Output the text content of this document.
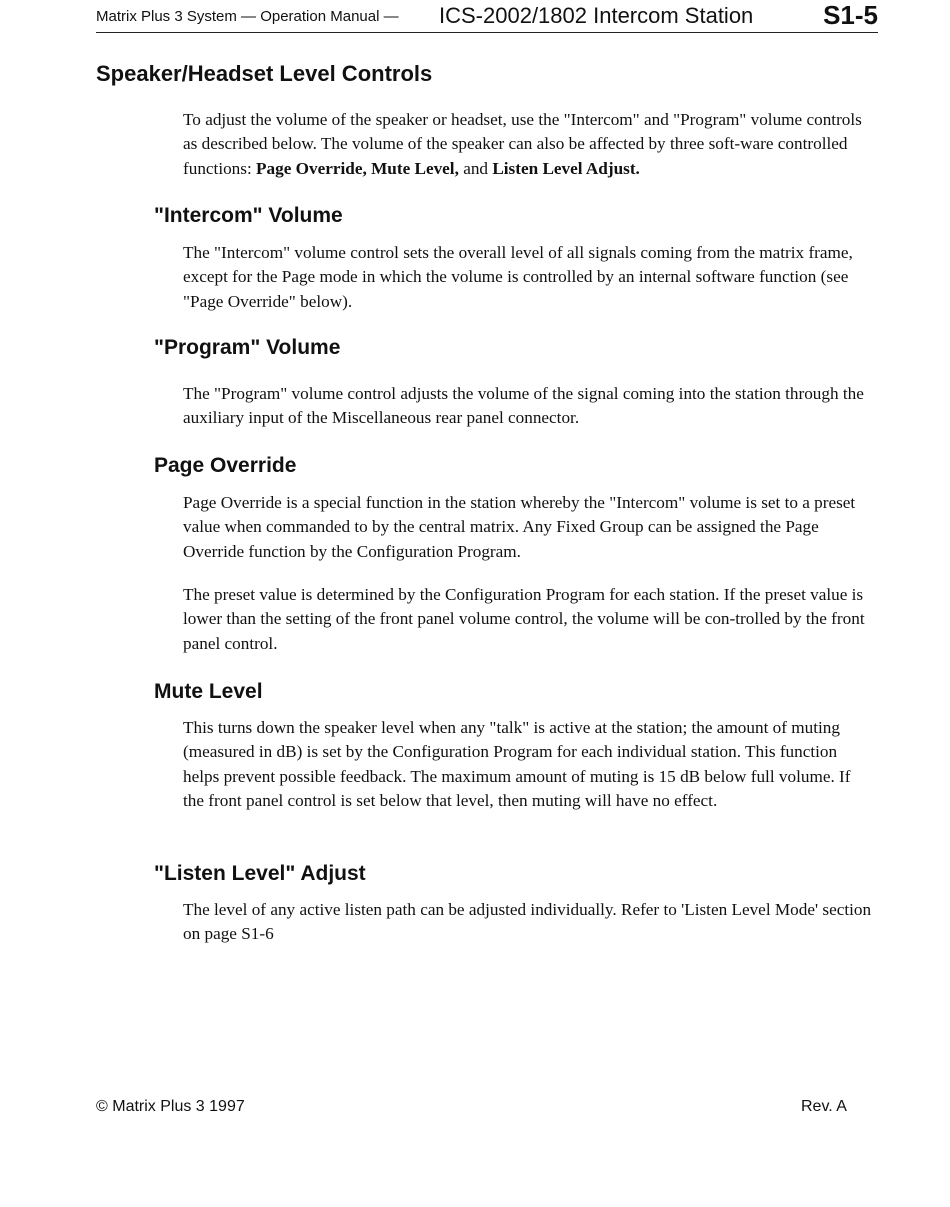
Matrix Plus 3 System — Operation Manual — ICS-2002/1802 Intercom Station	S1-5
Speaker/Headset Level Controls

To adjust the volume of the speaker or headset, use the "Intercom" and "Program" volume controls as described below. The volume of the speaker can also be affected by three soft-ware controlled functions: Page Override, Mute Level, and Listen Level Adjust.

"Intercom" Volume

The "Intercom" volume control sets the overall level of all signals coming from the matrix frame, except for the Page mode in which the volume is controlled by an internal software function (see "Page Override" below).

"Program" Volume

The "Program" volume control adjusts the volume of the signal coming into the station through the auxiliary input of the Miscellaneous rear panel connector.

Page Override

Page Override is a special function in the station whereby the "Intercom" volume is set to a preset value when commanded to by the central matrix. Any Fixed Group can be assigned the Page Override function by the Configuration Program.

The preset value is determined by the Configuration Program for each station. If the preset value is lower than the setting of the front panel volume control, the volume will be con-trolled by the front panel control.

Mute Level

This turns down the speaker level when any "talk" is active at the station; the amount of muting (measured in dB) is set by the Configuration Program for each individual station. This function helps prevent possible feedback. The maximum amount of muting is 15 dB below full volume. If the front panel control is set below that level, then muting will have no effect.

"Listen Level" Adjust

The level of any active listen path can be adjusted individually. Refer to 'Listen Level Mode' section on page S1-6

© Matrix Plus 3 1997	Rev. A
